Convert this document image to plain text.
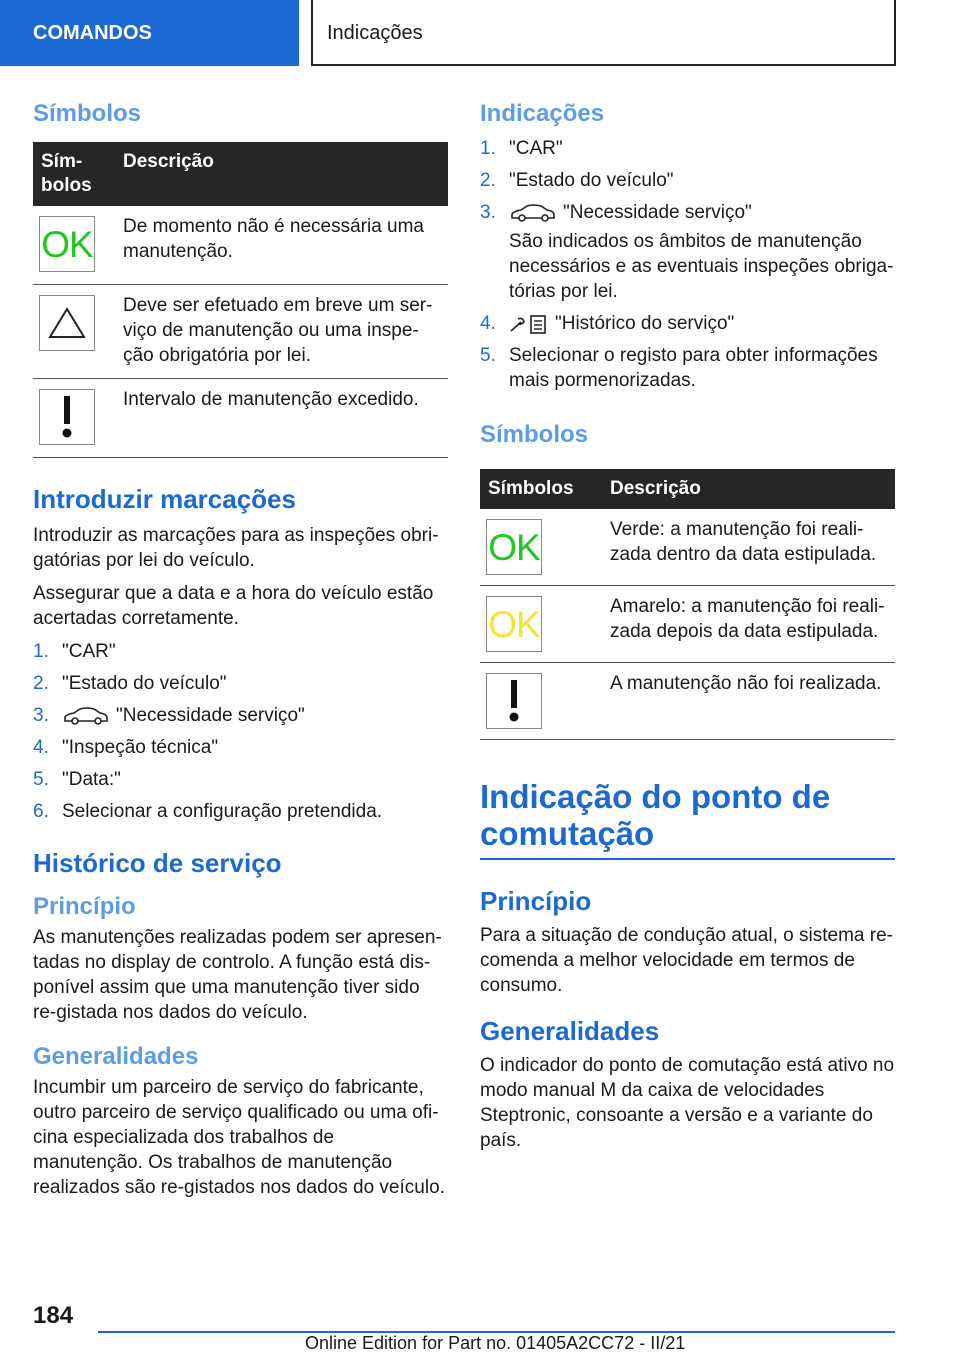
COMANDOS	Indicações
Símbolos
Sím-bolos	Descrição

OK	De momento não é necessária uma manutenção.

	Deve ser efetuado em breve um ser-viço de manutenção ou uma inspe-ção obrigatória por lei.

	Intervalo de manutenção excedido.
Introduzir marcações

Introduzir as marcações para as inspeções obri-gatórias por lei do veículo.

Assegurar que a data e a hora do veículo estão acertadas corretamente.

1. "CAR"
2. "Estado do veículo"
3.	"Necessidade serviço"
4. "Inspeção técnica"
5. "Data:"
6. Selecionar a configuração pretendida.
Histórico de serviço
Princípio

As manutenções realizadas podem ser apresen-tadas no display de controlo. A função está dis-ponível assim que uma manutenção tiver sido re-gistada nos dados do veículo.

Generalidades

Incumbir um parceiro de serviço do fabricante, outro parceiro de serviço qualificado ou uma ofi-cina especializada dos trabalhos de manutenção. Os trabalhos de manutenção realizados são re-gistados nos dados do veículo.

Indicações
1. "CAR"
2. "Estado do veículo"
3.	"Necessidade serviço"
São indicados os âmbitos de manutenção necessários e as eventuais inspeções obriga-tórias por lei.
4.	"Histórico do serviço"
5. Selecionar o registo para obter informações mais pormenorizadas.
Símbolos
Símbolos	Descrição

OK	Verde: a manutenção foi reali-zada dentro da data estipulada.

OK	Amarelo: a manutenção foi reali-zada depois da data estipulada.

	A manutenção não foi realizada.
Indicação do ponto de comutação
Princípio

Para a situação de condução atual, o sistema re-comenda a melhor velocidade em termos de consumo.

Generalidades

O indicador do ponto de comutação está ativo no modo manual M da caixa de velocidades Steptronic, consoante a versão e a variante do país.

184
Online Edition for Part no. 01405A2CC72 - II/21
